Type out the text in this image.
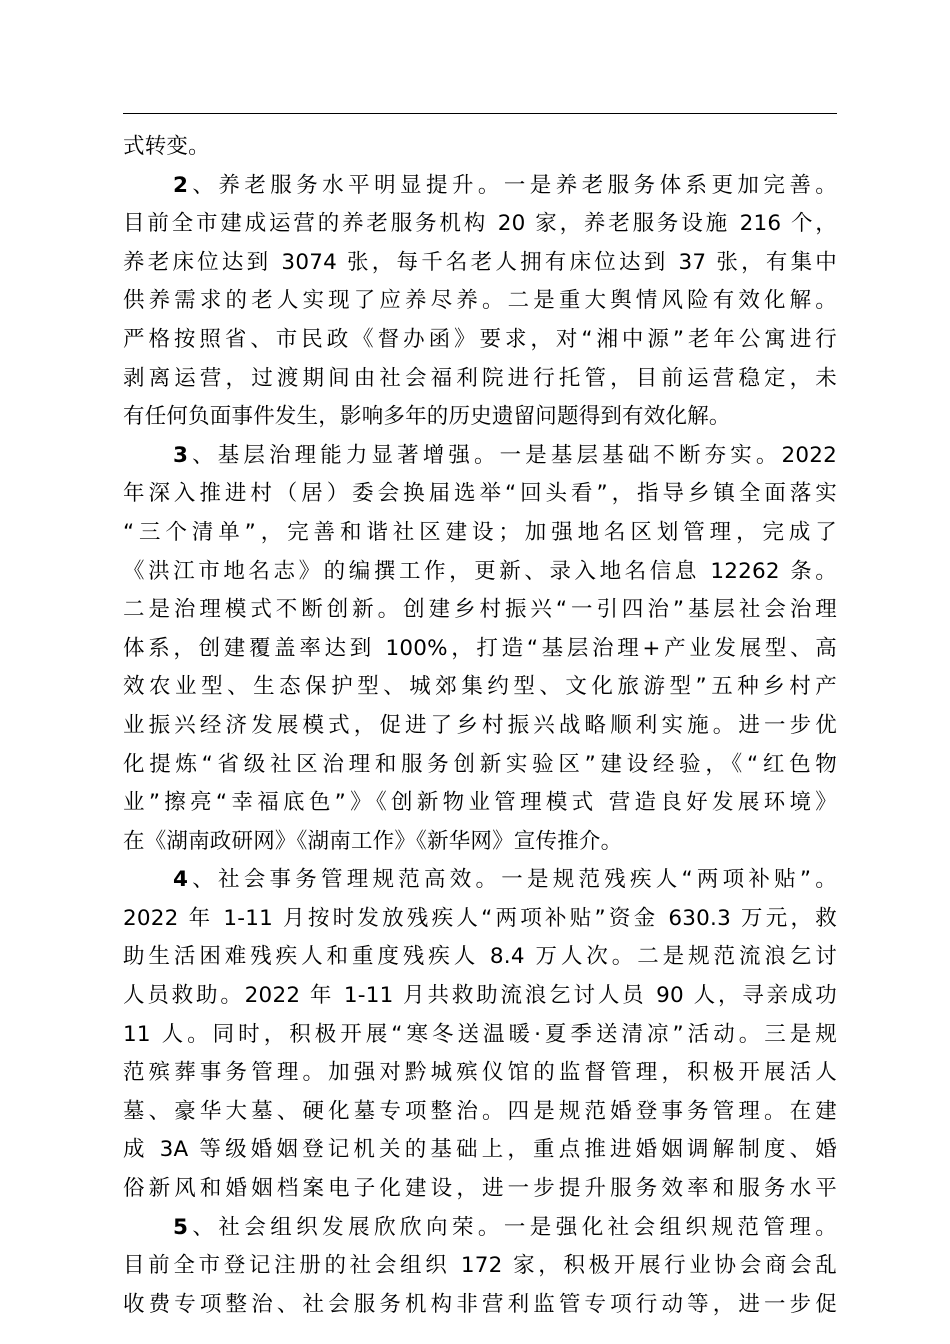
式转变。
2、养老服务水平明显提升。一是养老服务体系更加完善。
目前全市建成运营的养老服务机构 20 家，养老服务设施 216 个，
养老床位达到 3074 张，每千名老人拥有床位达到 37 张，有集中
供养需求的老人实现了应养尽养。二是重大舆情风险有效化解。
严格按照省、市民政《督办函》要求，对“湘中源”老年公寓进行
剥离运营，过渡期间由社会福利院进行托管，目前运营稳定，未
有任何负面事件发生，影响多年的历史遗留问题得到有效化解。
3、基层治理能力显著增强。一是基层基础不断夯实。2022
年深入推进村（居）委会换届选举“回头看”，指导乡镇全面落实
“三个清单”，完善和谐社区建设；加强地名区划管理，完成了
《洪江市地名志》的编撰工作，更新、录入地名信息 12262 条。
二是治理模式不断创新。创建乡村振兴“一引四治”基层社会治理
体系，创建覆盖率达到 100%，打造“基层治理+产业发展型、高
效农业型、生态保护型、城郊集约型、文化旅游型”五种乡村产
业振兴经济发展模式，促进了乡村振兴战略顺利实施。进一步优
化提炼“省级社区治理和服务创新实验区”建设经验，《“红色物
业”擦亮“幸福底色”》《创新物业管理模式 营造良好发展环境》
在《湖南政研网》《湖南工作》《新华网》宣传推介。
4、社会事务管理规范高效。一是规范残疾人“两项补贴”。
2022 年 1-11 月按时发放残疾人“两项补贴”资金 630.3 万元，救
助生活困难残疾人和重度残疾人 8.4 万人次。二是规范流浪乞讨
人员救助。2022 年 1-11 月共救助流浪乞讨人员 90 人，寻亲成功
11 人。同时，积极开展“寒冬送温暖·夏季送清凉”活动。三是规
范殡葬事务管理。加强对黔城殡仪馆的监督管理，积极开展活人
墓、豪华大墓、硬化墓专项整治。四是规范婚登事务管理。在建
成 3A 等级婚姻登记机关的基础上，重点推进婚姻调解制度、婚
俗新风和婚姻档案电子化建设，进一步提升服务效率和服务水平
5、社会组织发展欣欣向荣。一是强化社会组织规范管理。
目前全市登记注册的社会组织 172 家，积极开展行业协会商会乱
收费专项整治、社会服务机构非营利监管专项行动等，进一步促
